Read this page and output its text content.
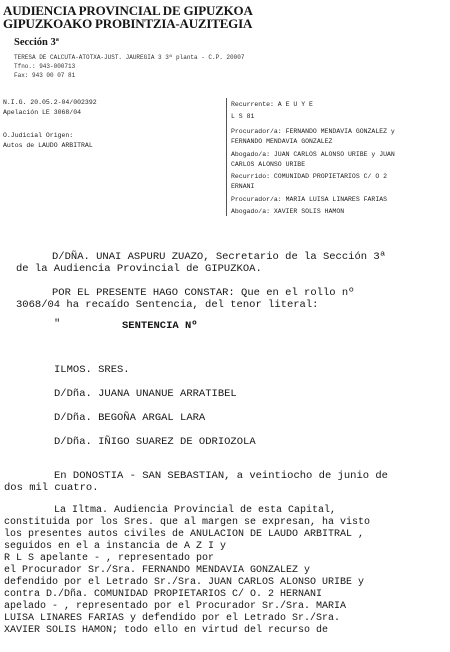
AUDIENCIA PROVINCIAL DE GIPUZKOA
GIPUZKOAKO PROBINTZIA-AUZITEGIA
Sección 3ª
TERESA DE CALCUTA-ATOTXA-JUST. JAUREGIA 3 3ª planta - C.P. 20007
Tfno.: 943-000713
Fax: 943 00 07 81
N.I.G. 20.05.2-04/002392
Apelación LE 3068/04
O.Judicial Origen:
Autos de LAUDO ARBITRAL
Recurrente: A E U Y E
L S 81
Procurador/a: FERNANDO MENDAVIA GONZALEZ y
FERNANDO MENDAVIA GONZALEZ
Abogado/a: JUAN CARLOS ALONSO URIBE y JUAN
CARLOS ALONSO URIBE
Recurrido: COMUNIDAD PROPIETARIOS C/ O 2
ERNANI
Procurador/a: MARIA LUISA LINARES FARIAS
Abogado/a: XAVIER SOLIS HAMON
D/DÑA. UNAI ASPURU ZUAZO, Secretario de la Sección 3ª
de la Audiencia Provincial de GIPUZKOA.
POR EL PRESENTE HAGO CONSTAR: Que en el rollo nº
3068/04 ha recaído Sentencia, del tenor literal:
"	SENTENCIA Nº
ILMOS. SRES.
D/Dña. JUANA UNANUE ARRATIBEL
D/Dña. BEGOÑA ARGAL LARA
D/Dña. IÑIGO SUAREZ DE ODRIOZOLA
En DONOSTIA - SAN SEBASTIAN, a veintiocho de junio de
dos mil cuatro.
La Iltma. Audiencia Provincial de esta Capital,
constituida por los Sres. que al margen se expresan, ha visto
los presentes autos civiles de ANULACION DE LAUDO ARBITRAL ,
seguidos en el a instancia de A Z I y
R L S apelante - , representado por
el Procurador Sr./Sra. FERNANDO MENDAVIA GONZALEZ y
defendido por el Letrado Sr./Sra. JUAN CARLOS ALONSO URIBE y
contra D./Dña. COMUNIDAD PROPIETARIOS C/ O. 2 HERNANI
apelado - , representado por el Procurador Sr./Sra. MARIA
LUISA LINARES FARIAS y defendido por el Letrado Sr./Sra.
XAVIER SOLIS HAMON; todo ello en virtud del recurso de
